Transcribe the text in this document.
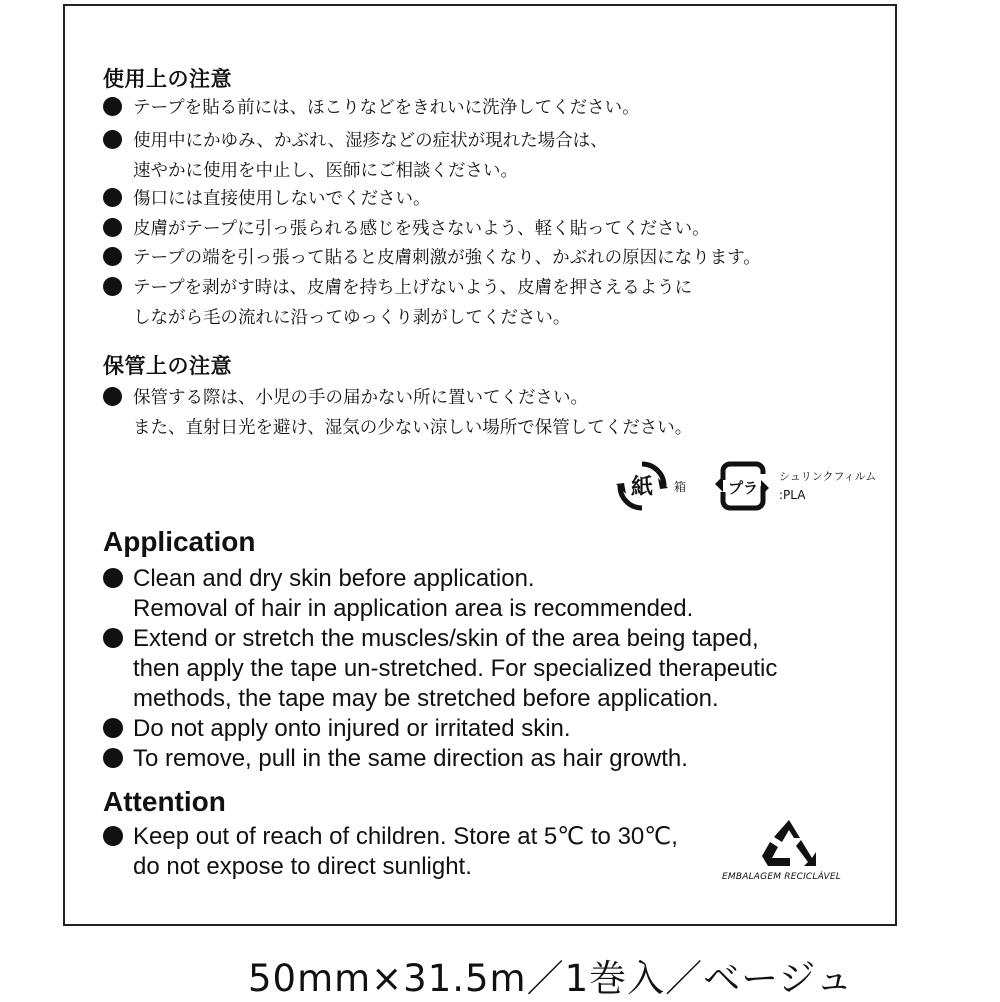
使用上の注意
テープを貼る前には、ほこりなどをきれいに洗浄してください。
使用中にかゆみ、かぶれ、湿疹などの症状が現れた場合は、
速やかに使用を中止し、医師にご相談ください。
傷口には直接使用しないでください。
皮膚がテープに引っ張られる感じを残さないよう、軽く貼ってください。
テープの端を引っ張って貼ると皮膚刺激が強くなり、かぶれの原因になります。
テープを剥がす時は、皮膚を持ち上げないよう、皮膚を押さえるように
しながら毛の流れに沿ってゆっくり剥がしてください。
保管上の注意
保管する際は、小児の手の届かない所に置いてください。
また、直射日光を避け、湿気の少ない涼しい場所で保管してください。
紙 箱	プラ
シュリンクフィルム
:PLA
Application
Clean and dry skin before application.
Removal of hair in application area is recommended.
Extend or stretch the muscles/skin of the area being taped,
then apply the tape un-stretched. For specialized therapeutic
methods, the tape may be stretched before application.
Do not apply onto injured or irritated skin.
To remove, pull in the same direction as hair growth.
Attention
Keep out of reach of children. Store at 5℃ to 30℃,
do not expose to direct sunlight.	EMBALAGEM RECICLÁVEL
50mm×31.5m／1巻入／ベージュ
